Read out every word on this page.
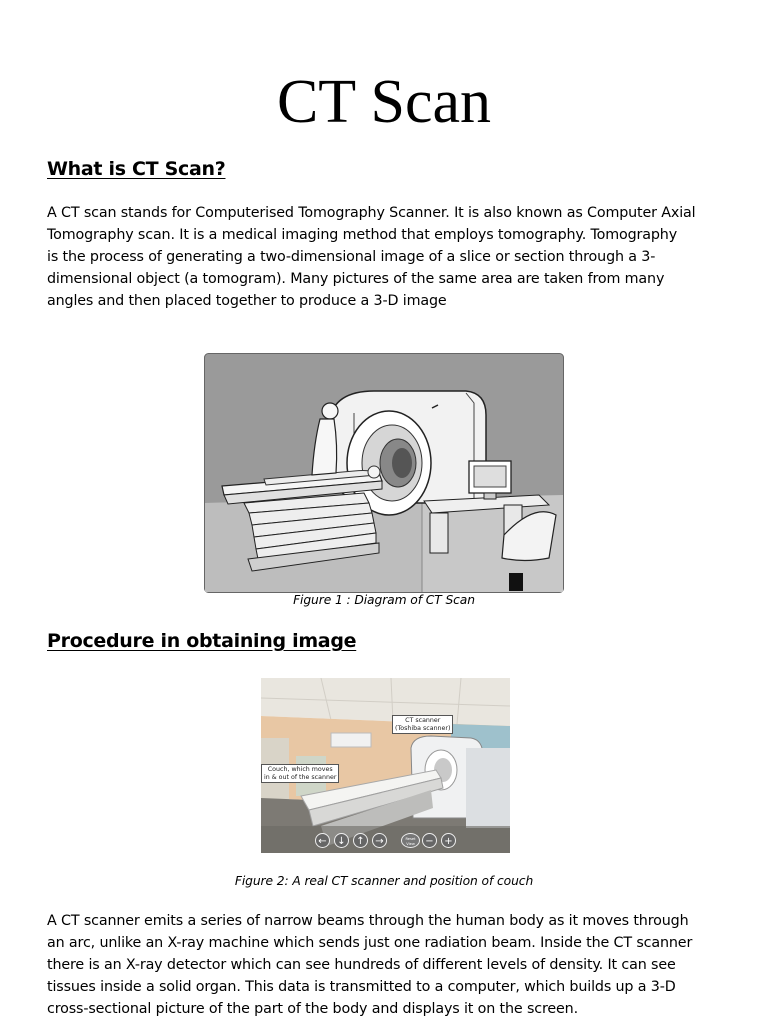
CT Scan
What is CT Scan?
A CT scan stands for Computerised Tomography Scanner. It is also known as Computer Axial
Tomography scan. It is a medical imaging method that employs tomography. Tomography
is the process of generating a two-dimensional image of a slice or section through a 3-
dimensional object (a tomogram). Many pictures of the same area are taken from many
angles and then placed together to produce a 3-D image
Figure 1 : Diagram of CT Scan
Procedure in obtaining image
CT scanner
(Toshiba scanner)
Couch, which moves
in & out of the scanner
←	↓	↑	→	Reset
View	−	+
Figure 2: A real CT scanner and position of couch
A CT scanner emits a series of narrow beams through the human body as it moves through
an arc, unlike an X-ray machine which sends just one radiation beam. Inside the CT scanner
there is an X-ray detector which can see hundreds of different levels of density. It can see
tissues inside a solid organ. This data is transmitted to a computer, which builds up a 3-D
cross-sectional picture of the part of the body and displays it on the screen.
